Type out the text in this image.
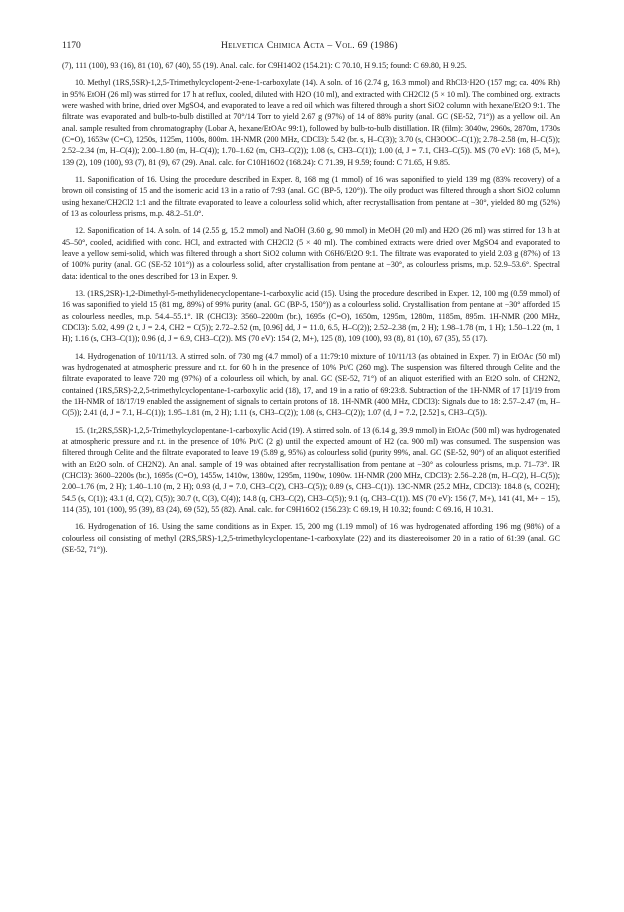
1170	Helvetica Chimica Acta – Vol. 69 (1986)

(7), 111 (100), 93 (16), 81 (10), 67 (40), 55 (19). Anal. calc. for C9H14O2 (154.21): C 70.10, H 9.15; found: C 69.80, H 9.25.

10. Methyl (1RS,5SR)-1,2,5-Trimethylcyclopent-2-ene-1-carboxylate (14). A soln. of 16 (2.74 g, 16.3 mmol) and RhCl3·H2O (157 mg; ca. 40% Rh) in 95% EtOH (26 ml) was stirred for 17 h at reflux, cooled, diluted with H2O (10 ml), and extracted with CH2Cl2 (5 × 10 ml). The combined org. extracts were washed with brine, dried over MgSO4, and evaporated to leave a red oil which was filtered through a short SiO2 column with hexane/Et2O 9:1. The filtrate was evaporated and bulb-to-bulb distilled at 70°/14 Torr to yield 2.67 g (97%) of 14 of 88% purity (anal. GC (SE-52, 71°)) as a yellow oil. An anal. sample resulted from chromatography (Lobar A, hexane/EtOAc 99:1), followed by bulb-to-bulb distillation. IR (film): 3040w, 2960s, 2870m, 1730s (C=O), 1653w (C=C), 1250s, 1125m, 1100s, 800m. 1H-NMR (200 MHz, CDCl3): 5.42 (br. s, H–C(3)); 3.70 (s, CH3OOC–C(1)); 2.78–2.58 (m, H–C(5)); 2.52–2.34 (m, H–C(4)); 2.00–1.80 (m, H–C(4)); 1.70–1.62 (m, CH3–C(2)); 1.08 (s, CH3–C(1)); 1.00 (d, J = 7.1, CH3–C(5)). MS (70 eV): 168 (5, M+), 139 (2), 109 (100), 93 (7), 81 (9), 67 (29). Anal. calc. for C10H16O2 (168.24): C 71.39, H 9.59; found: C 71.65, H 9.85.

11. Saponification of 16. Using the procedure described in Exper. 8, 168 mg (1 mmol) of 16 was saponified to yield 139 mg (83% recovery) of a brown oil consisting of 15 and the isomeric acid 13 in a ratio of 7:93 (anal. GC (BP-5, 120°)). The oily product was filtered through a short SiO2 column using hexane/CH2Cl2 1:1 and the filtrate evaporated to leave a colourless solid which, after recrystallisation from pentane at −30°, yielded 80 mg (52%) of 13 as colourless prisms, m.p. 48.2–51.0°.

12. Saponification of 14. A soln. of 14 (2.55 g, 15.2 mmol) and NaOH (3.60 g, 90 mmol) in MeOH (20 ml) and H2O (26 ml) was stirred for 13 h at 45–50°, cooled, acidified with conc. HCl, and extracted with CH2Cl2 (5 × 40 ml). The combined extracts were dried over MgSO4 and evaporated to leave a yellow semi-solid, which was filtered through a short SiO2 column with C6H6/Et2O 9:1. The filtrate was evaporated to yield 2.03 g (87%) of 13 of 100% purity (anal. GC (SE-52 101°)) as a colourless solid, after crystallisation from pentane at −30°, as colourless prisms, m.p. 52.9–53.6°. Spectral data: identical to the ones described for 13 in Exper. 9.

13. (1RS,2SR)-1,2-Dimethyl-5-methylidenecyclopentane-1-carboxylic acid (15). Using the procedure described in Exper. 12, 100 mg (0.59 mmol) of 16 was saponified to yield 15 (81 mg, 89%) of 99% purity (anal. GC (BP-5, 150°)) as a colourless solid. Crystallisation from pentane at −30° afforded 15 as colourless needles, m.p. 54.4–55.1°. IR (CHCl3): 3560–2200m (br.), 1695s (C=O), 1650m, 1295m, 1280m, 1185m, 895m. 1H-NMR (200 MHz, CDCl3): 5.02, 4.99 (2 t, J = 2.4, CH2 = C(5)); 2.72–2.52 (m, [0.96] dd, J = 11.0, 6.5, H–C(2)); 2.52–2.38 (m, 2 H); 1.98–1.78 (m, 1 H); 1.50–1.22 (m, 1 H); 1.16 (s, CH3–C(1)); 0.96 (d, J = 6.9, CH3–C(2)). MS (70 eV): 154 (2, M+), 125 (8), 109 (100), 93 (8), 81 (10), 67 (35), 55 (17).

14. Hydrogenation of 10/11/13. A stirred soln. of 730 mg (4.7 mmol) of a 11:79:10 mixture of 10/11/13 (as obtained in Exper. 7) in EtOAc (50 ml) was hydrogenated at atmospheric pressure and r.t. for 60 h in the presence of 10% Pt/C (260 mg). The suspension was filtered through Celite and the filtrate evaporated to leave 720 mg (97%) of a colourless oil which, by anal. GC (SE-52, 71°) of an aliquot esterified with an Et2O soln. of CH2N2, contained (1RS,5RS)-2,2,5-trimethylcyclopentane-1-carboxylic acid (18), 17, and 19 in a ratio of 69:23:8. Subtraction of the 1H-NMR of 17 [1]/19 from the 1H-NMR of 18/17/19 enabled the assignement of signals to certain protons of 18. 1H-NMR (400 MHz, CDCl3): Signals due to 18: 2.57–2.47 (m, H–C(5)); 2.41 (d, J = 7.1, H–C(1)); 1.95–1.81 (m, 2 H); 1.11 (s, CH3–C(2)); 1.08 (s, CH3–C(2)); 1.07 (d, J = 7.2, [2.52] s, CH3–C(5)).

15. (1r,2RS,5SR)-1,2,5-Trimethylcyclopentane-1-carboxylic Acid (19). A stirred soln. of 13 (6.14 g, 39.9 mmol) in EtOAc (500 ml) was hydrogenated at atmospheric pressure and r.t. in the presence of 10% Pt/C (2 g) until the expected amount of H2 (ca. 900 ml) was consumed. The suspension was filtered through Celite and the filtrate evaporated to leave 19 (5.89 g, 95%) as colourless solid (purity 99%, anal. GC (SE-52, 90°) of an aliquot esterified with an Et2O soln. of CH2N2). An anal. sample of 19 was obtained after recrystallisation from pentane at −30° as colourless prisms, m.p. 71–73°. IR (CHCl3): 3600–2200s (br.), 1695s (C=O), 1455w, 1410w, 1380w, 1295m, 1190w, 1090w. 1H-NMR (200 MHz, CDCl3): 2.56–2.28 (m, H–C(2), H–C(5)); 2.00–1.76 (m, 2 H); 1.40–1.10 (m, 2 H); 0.93 (d, J = 7.0, CH3–C(2), CH3–C(5)); 0.89 (s, CH3–C(1)). 13C-NMR (25.2 MHz, CDCl3): 184.8 (s, CO2H); 54.5 (s, C(1)); 43.1 (d, C(2), C(5)); 30.7 (t, C(3), C(4)); 14.8 (q, CH3–C(2), CH3–C(5)); 9.1 (q, CH3–C(1)). MS (70 eV): 156 (7, M+), 141 (41, M+ − 15), 114 (35), 101 (100), 95 (39), 83 (24), 69 (52), 55 (82). Anal. calc. for C9H16O2 (156.23): C 69.19, H 10.32; found: C 69.16, H 10.31.

16. Hydrogenation of 16. Using the same conditions as in Exper. 15, 200 mg (1.19 mmol) of 16 was hydrogenated affording 196 mg (98%) of a colourless oil consisting of methyl (2RS,5RS)-1,2,5-trimethylcyclopentane-1-carboxylate (22) and its diastereoisomer 20 in a ratio of 61:39 (anal. GC (SE-52, 71°)).
